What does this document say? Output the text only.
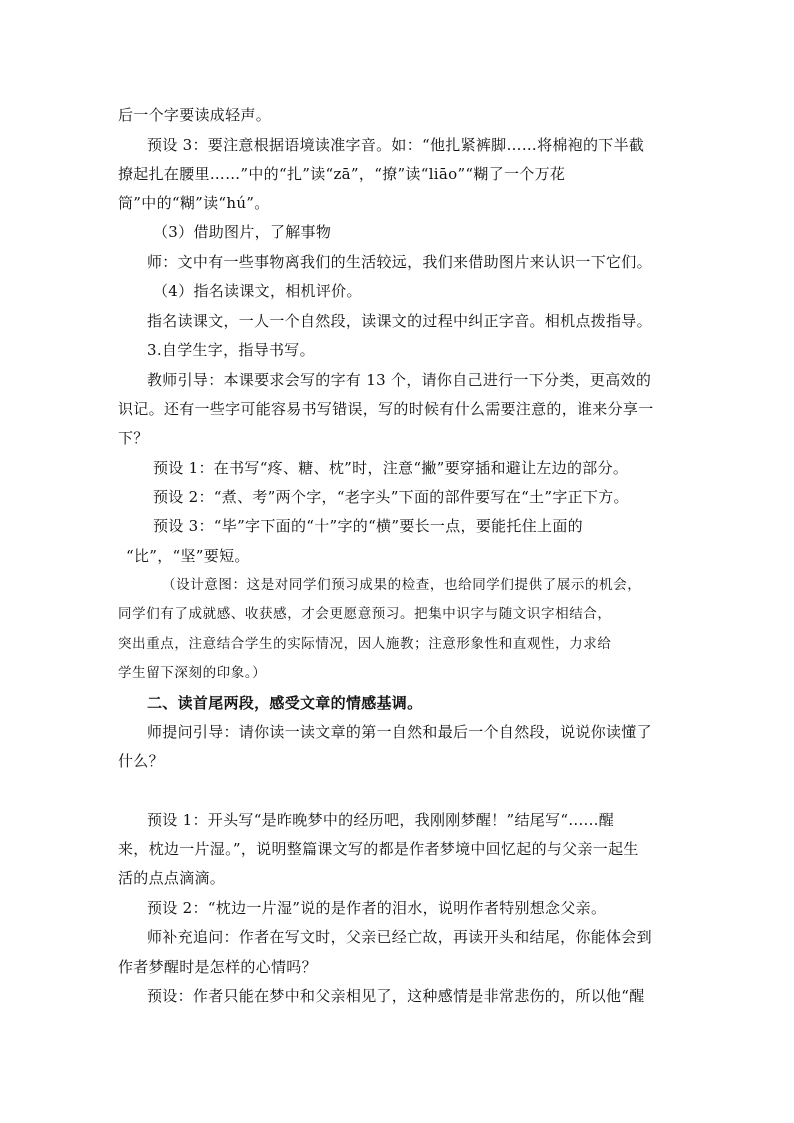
后一个字要读成轻声。
预设 3：要注意根据语境读准字音。如：“他扎紧裤脚……将棉袍的下半截
撩起扎在腰里……”中的“扎”读“zā”，“撩”读“liāo”“糊了一个万花
筒”中的“糊”读“hú”。
（3）借助图片，了解事物
师：文中有一些事物离我们的生活较远，我们来借助图片来认识一下它们。
（4）指名读课文，相机评价。
指名读课文，一人一个自然段，读课文的过程中纠正字音。相机点拨指导。
3.自学生字，指导书写。
教师引导：本课要求会写的字有 13 个，请你自己进行一下分类，更高效的
识记。还有一些字可能容易书写错误，写的时候有什么需要注意的，谁来分享一
下？
预设 1：在书写“疼、糖、枕”时，注意“撇”要穿插和避让左边的部分。
预设 2：“煮、考”两个字，“老字头”下面的部件要写在“土”字正下方。
预设 3：“毕”字下面的“十”字的“横”要长一点，要能托住上面的
“比”，“坚”要短。
（设计意图：这是对同学们预习成果的检查，也给同学们提供了展示的机会，
同学们有了成就感、收获感，才会更愿意预习。把集中识字与随文识字相结合，
突出重点，注意结合学生的实际情况，因人施教；注意形象性和直观性，力求给
学生留下深刻的印象。）
二、读首尾两段，感受文章的情感基调。
师提问引导：请你读一读文章的第一自然和最后一个自然段，说说你读懂了
什么？
预设 1：开头写“是昨晚梦中的经历吧，我刚刚梦醒！”结尾写“......醒
来，枕边一片湿。”，说明整篇课文写的都是作者梦境中回忆起的与父亲一起生
活的点点滴滴。
预设 2：“枕边一片湿”说的是作者的泪水，说明作者特别想念父亲。
师补充追问：作者在写文时，父亲已经亡故，再读开头和结尾，你能体会到
作者梦醒时是怎样的心情吗？
预设：作者只能在梦中和父亲相见了，这种感情是非常悲伤的，所以他“醒
